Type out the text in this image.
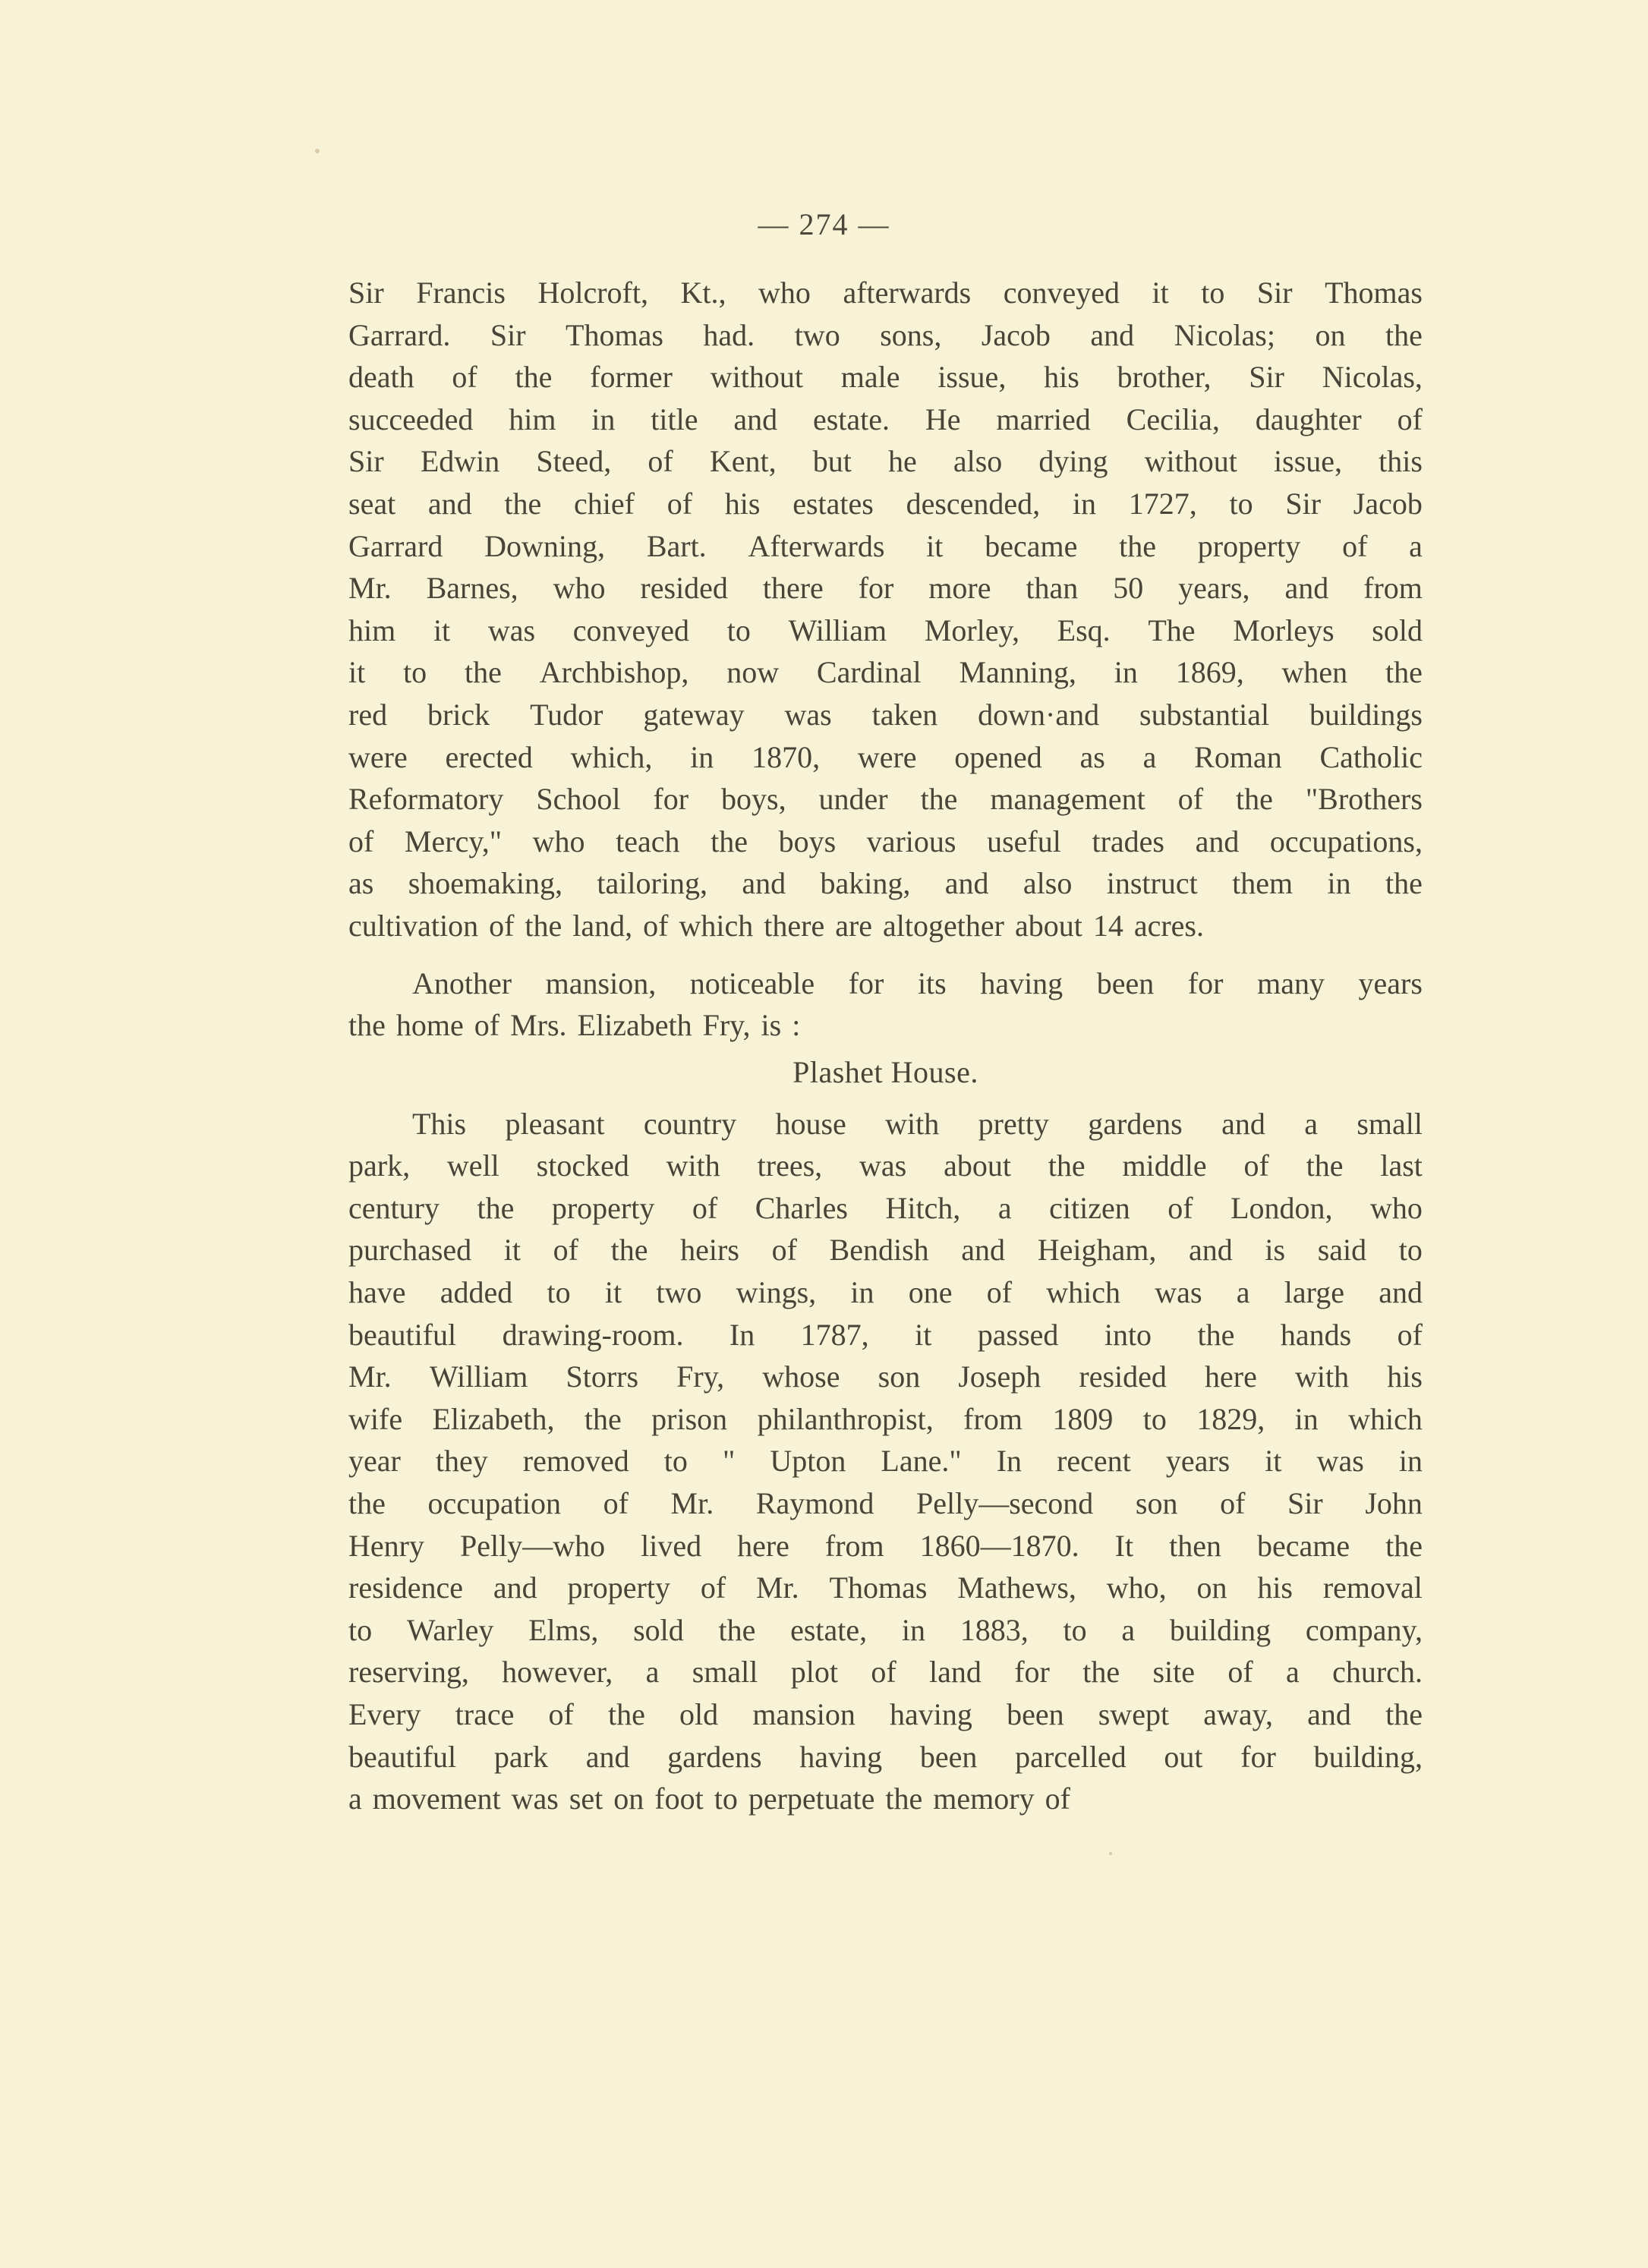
— 274 —
Sir Francis Holcroft, Kt., who afterwards conveyed it to Sir Thomas
Garrard. Sir Thomas had. two sons, Jacob and Nicolas; on the
death of the former without male issue, his brother, Sir Nicolas,
succeeded him in title and estate. He married Cecilia, daughter of
Sir Edwin Steed, of Kent, but he also dying without issue, this
seat and the chief of his estates descended, in 1727, to Sir Jacob
Garrard Downing, Bart. Afterwards it became the property of a
Mr. Barnes, who resided there for more than 50 years, and from
him it was conveyed to William Morley, Esq. The Morleys sold
it to the Archbishop, now Cardinal Manning, in 1869, when the
red brick Tudor gateway was taken down·and substantial buildings
were erected which, in 1870, were opened as a Roman Catholic
Reformatory School for boys, under the management of the "Brothers
of Mercy," who teach the boys various useful trades and occupations,
as shoemaking, tailoring, and baking, and also instruct them in the
cultivation of the land, of which there are altogether about 14 acres.
Another mansion, noticeable for its having been for many years
the home of Mrs. Elizabeth Fry, is :
Plashet House.
This pleasant country house with pretty gardens and a small
park, well stocked with trees, was about the middle of the last
century the property of Charles Hitch, a citizen of London, who
purchased it of the heirs of Bendish and Heigham, and is said to
have added to it two wings, in one of which was a large and
beautiful drawing-room. In 1787, it passed into the hands of
Mr. William Storrs Fry, whose son Joseph resided here with his
wife Elizabeth, the prison philanthropist, from 1809 to 1829, in which
year they removed to " Upton Lane." In recent years it was in
the occupation of Mr. Raymond Pelly—second son of Sir John
Henry Pelly—who lived here from 1860—1870. It then became the
residence and property of Mr. Thomas Mathews, who, on his removal
to Warley Elms, sold the estate, in 1883, to a building company,
reserving, however, a small plot of land for the site of a church.
Every trace of the old mansion having been swept away, and the
beautiful park and gardens having been parcelled out for building,
a movement was set on foot to perpetuate the memory of
